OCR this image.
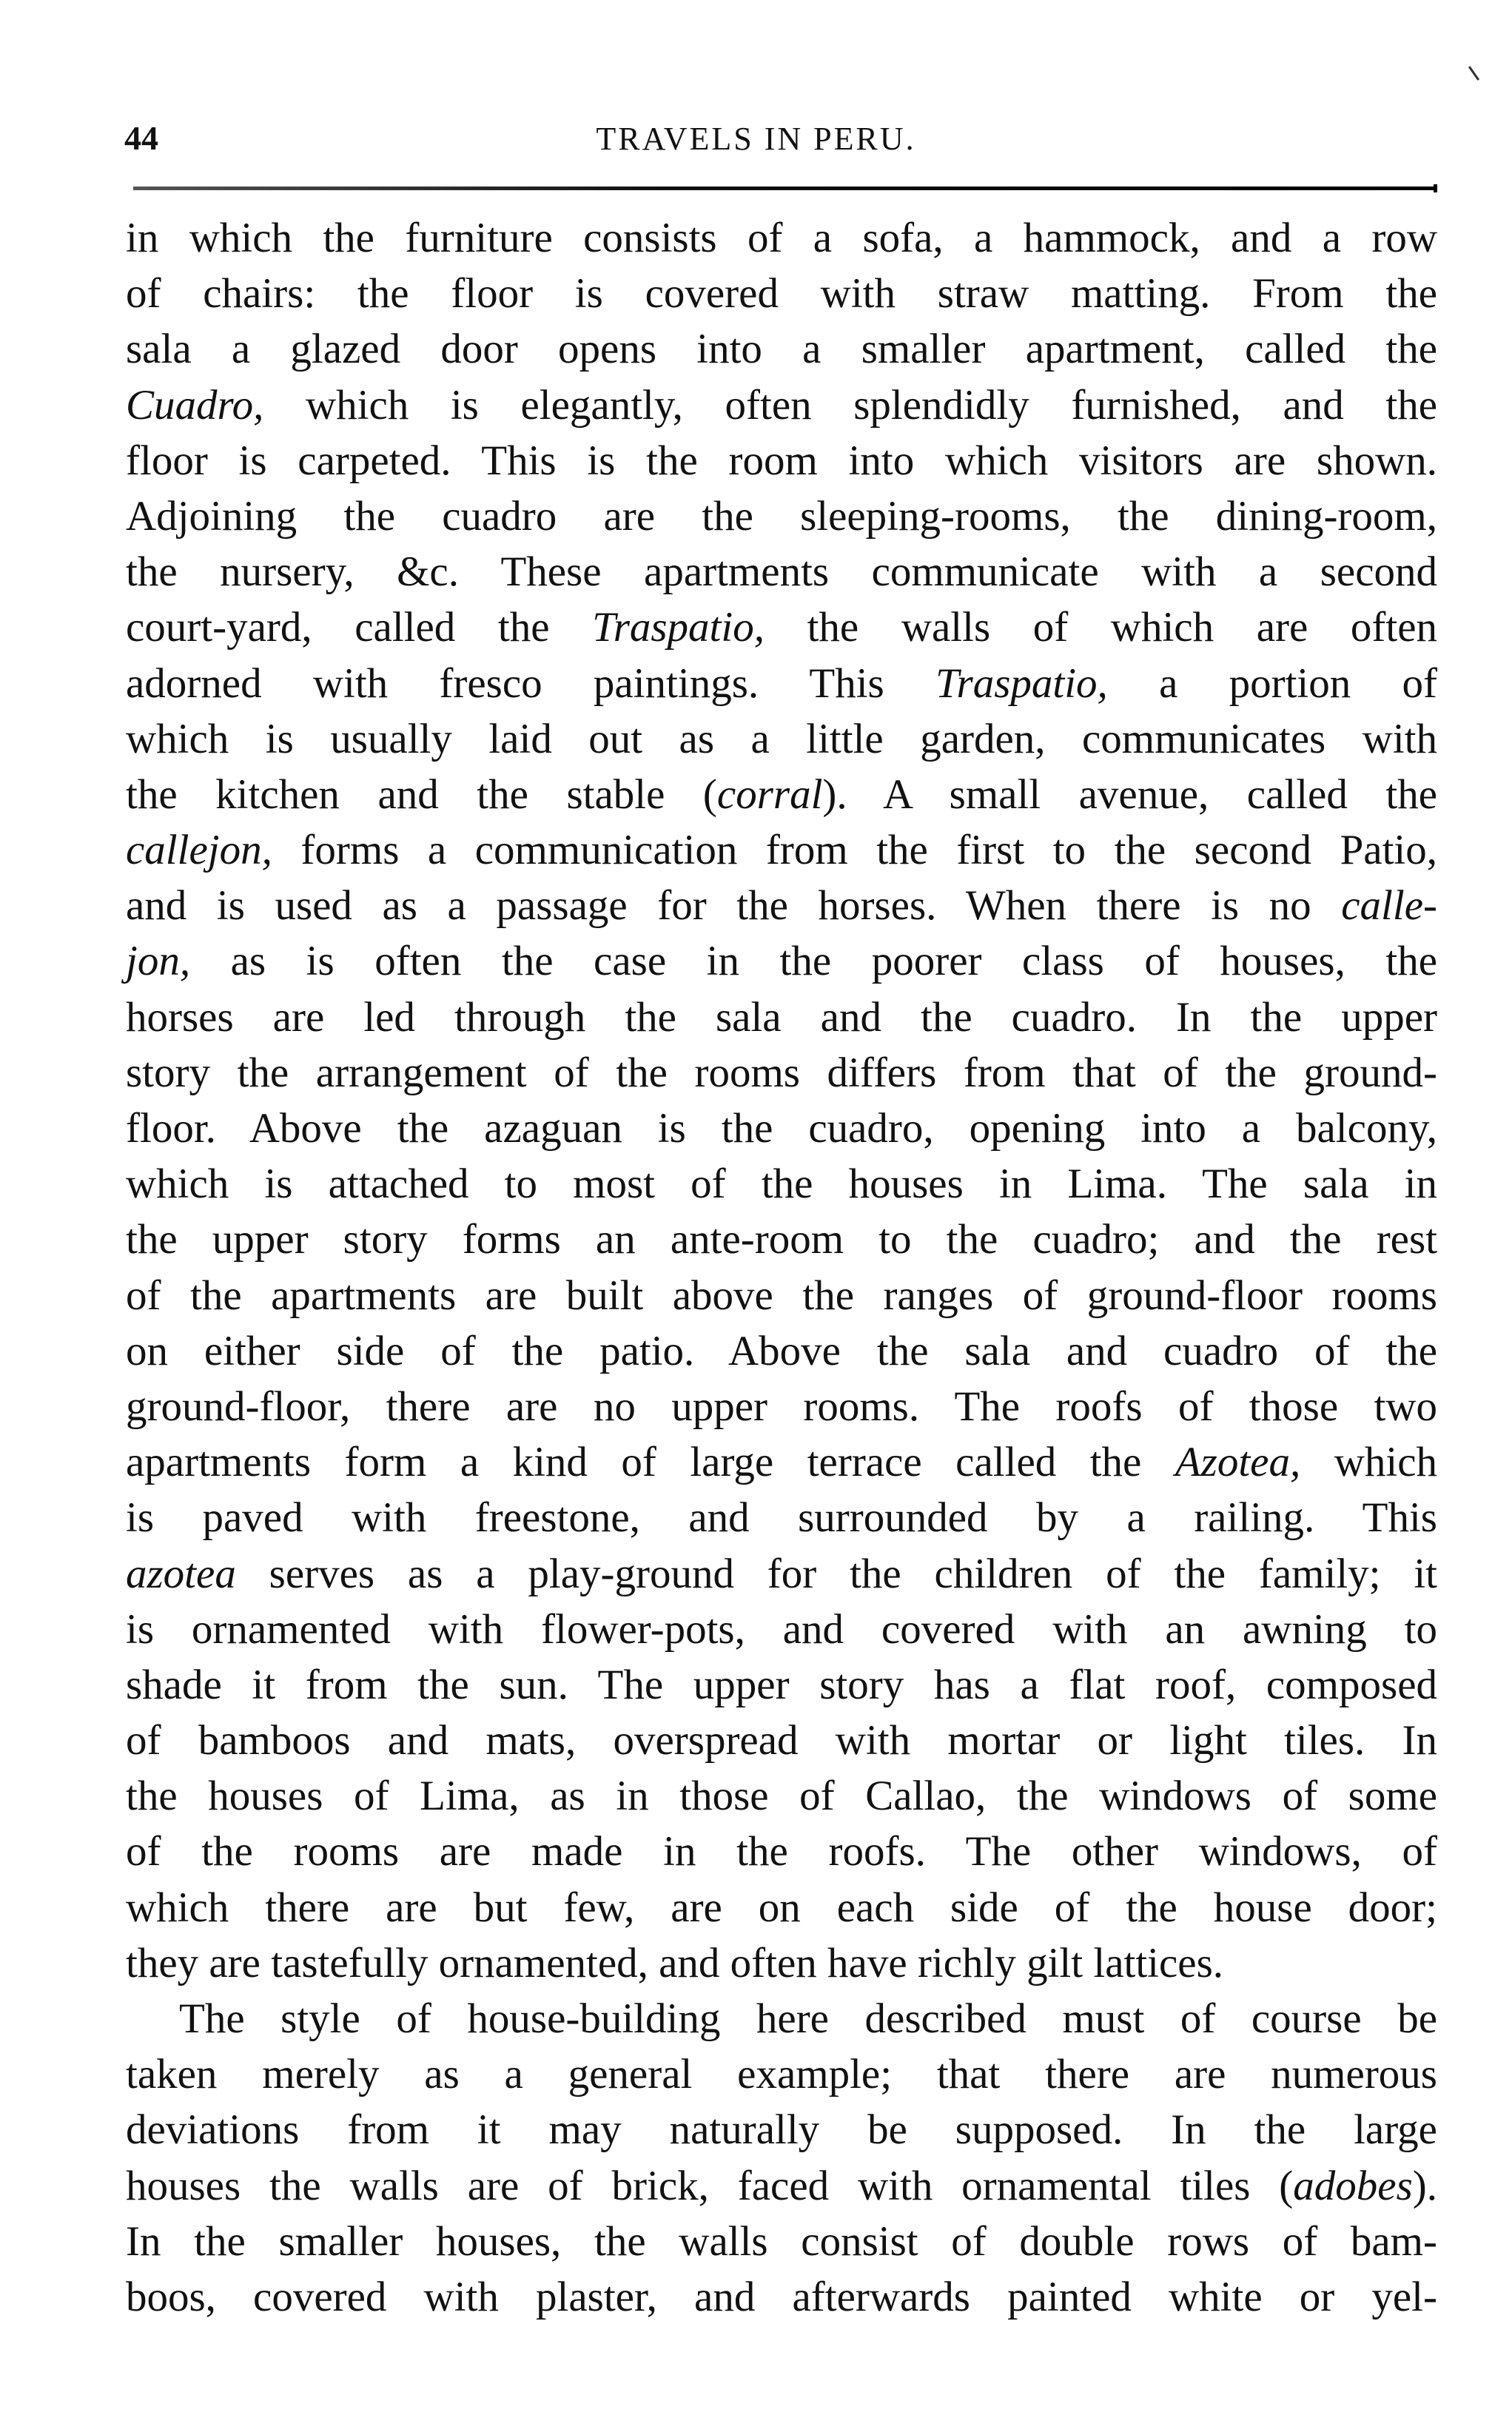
44	TRAVELS IN PERU.
in which the furniture consists of a sofa, a hammock, and a row
of chairs: the floor is covered with straw matting. From the
sala a glazed door opens into a smaller apartment, called the
Cuadro, which is elegantly, often splendidly furnished, and the
floor is carpeted. This is the room into which visitors are shown.
Adjoining the cuadro are the sleeping-rooms, the dining-room,
the nursery, &c. These apartments communicate with a second
court-yard, called the Traspatio, the walls of which are often
adorned with fresco paintings. This Traspatio, a portion of
which is usually laid out as a little garden, communicates with
the kitchen and the stable (corral). A small avenue, called the
callejon, forms a communication from the first to the second Patio,
and is used as a passage for the horses. When there is no calle-
jon, as is often the case in the poorer class of houses, the
horses are led through the sala and the cuadro. In the upper
story the arrangement of the rooms differs from that of the ground-
floor. Above the azaguan is the cuadro, opening into a balcony,
which is attached to most of the houses in Lima. The sala in
the upper story forms an ante-room to the cuadro; and the rest
of the apartments are built above the ranges of ground-floor rooms
on either side of the patio. Above the sala and cuadro of the
ground-floor, there are no upper rooms. The roofs of those two
apartments form a kind of large terrace called the Azotea, which
is paved with freestone, and surrounded by a railing. This
azotea serves as a play-ground for the children of the family; it
is ornamented with flower-pots, and covered with an awning to
shade it from the sun. The upper story has a flat roof, composed
of bamboos and mats, overspread with mortar or light tiles. In
the houses of Lima, as in those of Callao, the windows of some
of the rooms are made in the roofs. The other windows, of
which there are but few, are on each side of the house door;
they are tastefully ornamented, and often have richly gilt lattices.
The style of house-building here described must of course be
taken merely as a general example; that there are numerous
deviations from it may naturally be supposed. In the large
houses the walls are of brick, faced with ornamental tiles (adobes).
In the smaller houses, the walls consist of double rows of bam-
boos, covered with plaster, and afterwards painted white or yel-
